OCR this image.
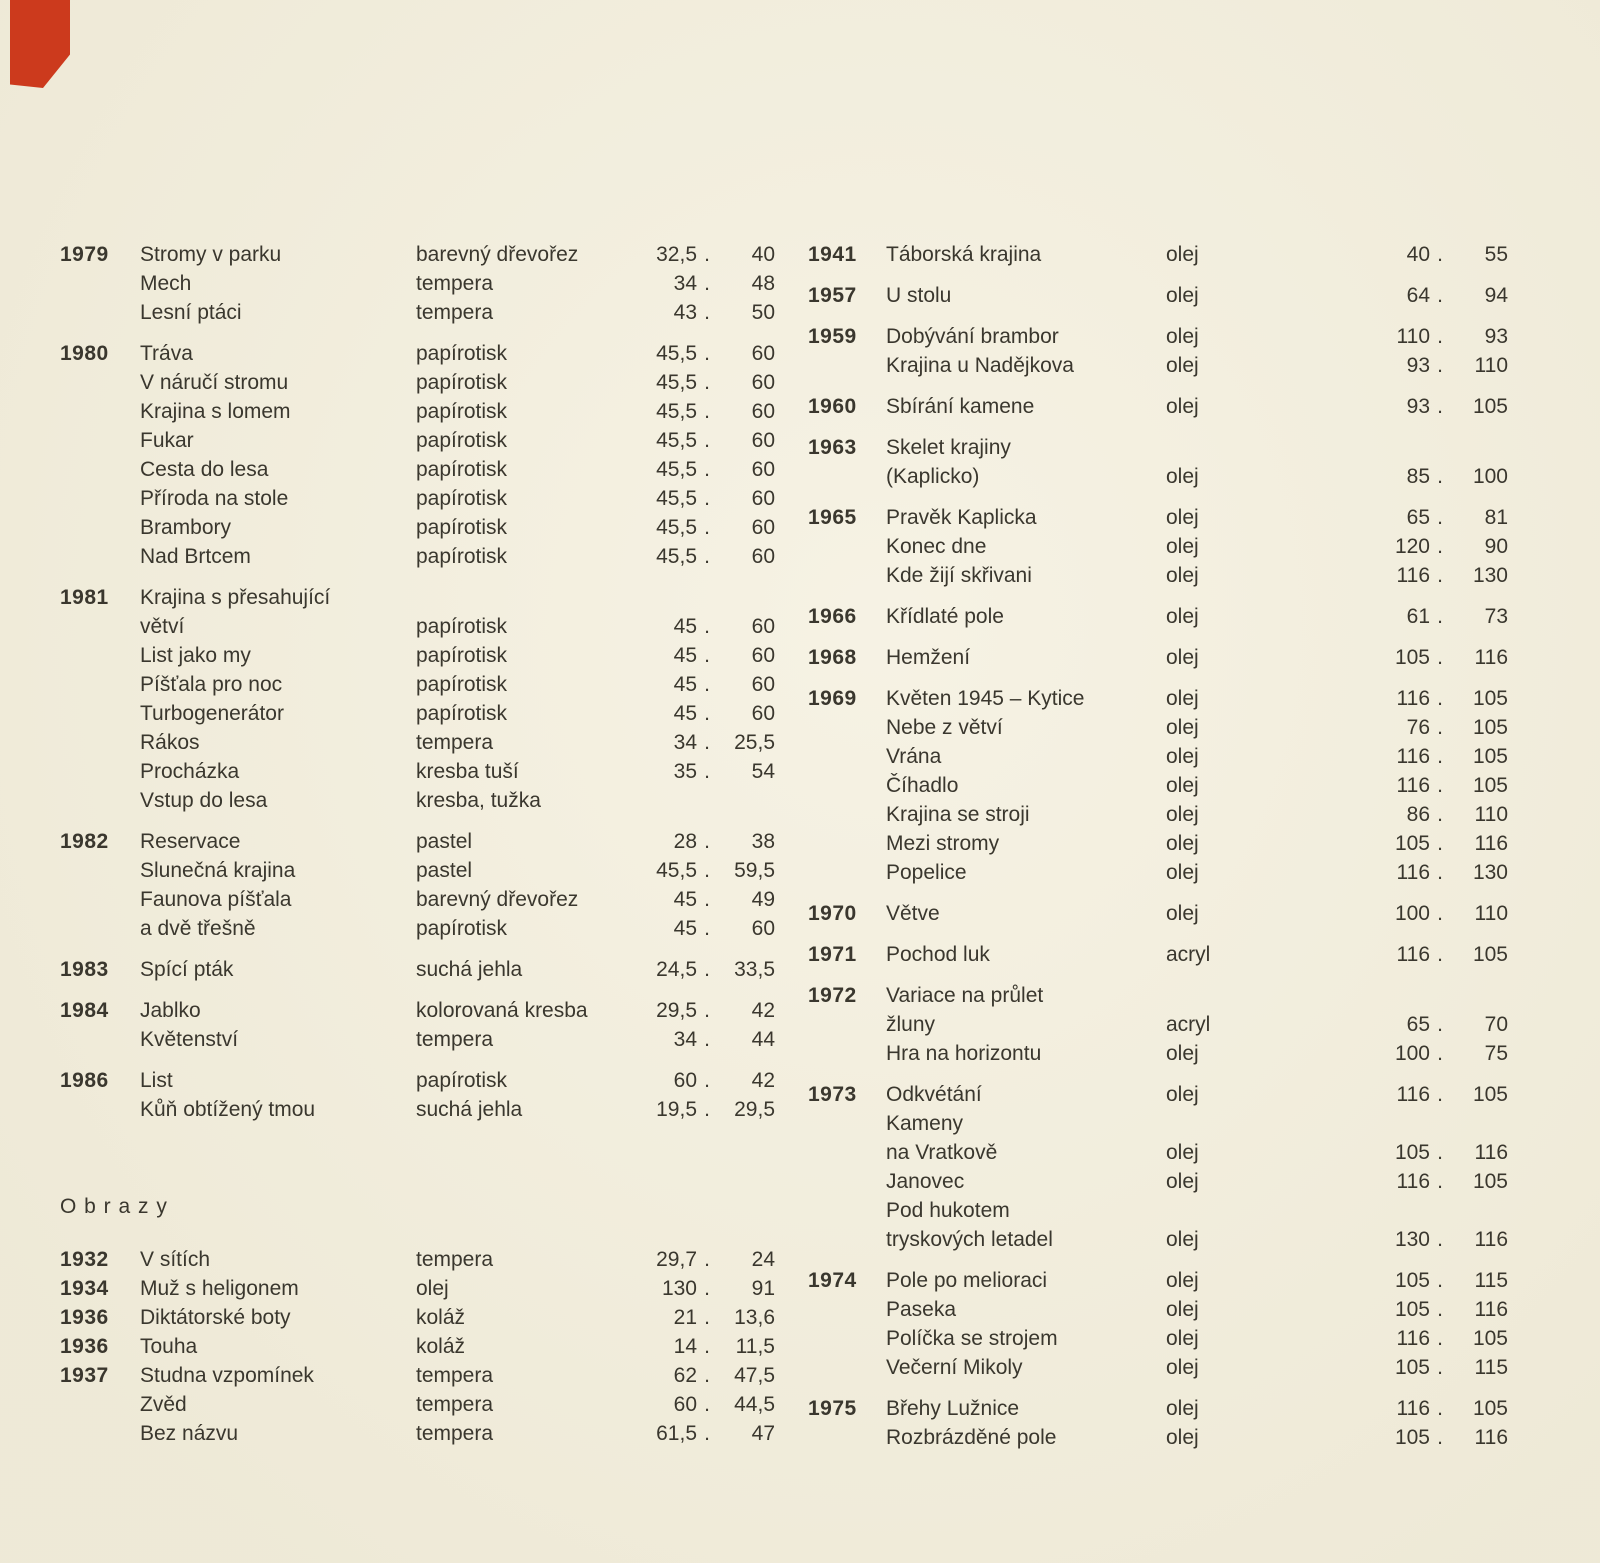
1979	Stromy v parku	barevný dřevořez	32,5 .	40
Mech	tempera	34 .	48
Lesní ptáci	tempera	43 .	50
1980	Tráva	papírotisk	45,5 .	60
V náručí stromu	papírotisk	45,5 .	60
Krajina s lomem	papírotisk	45,5 .	60
Fukar	papírotisk	45,5 .	60
Cesta do lesa	papírotisk	45,5 .	60
Příroda na stole	papírotisk	45,5 .	60
Brambory	papírotisk	45,5 .	60
Nad Brtcem	papírotisk	45,5 .	60
1981	Krajina s přesahující
větví	papírotisk	45 .	60
List jako my	papírotisk	45 .	60
Píšťala pro noc	papírotisk	45 .	60
Turbogenerátor	papírotisk	45 .	60
Rákos	tempera	34 .	25,5
Procházka	kresba tuší	35 .	54
Vstup do lesa	kresba, tužka
1982	Reservace	pastel	28 .	38
Slunečná krajina	pastel	45,5 .	59,5
Faunova píšťala	barevný dřevořez	45 .	49
a dvě třešně	papírotisk	45 .	60
1983	Spící pták	suchá jehla	24,5 .	33,5
1984	Jablko	kolorovaná kresba	29,5 .	42
Květenství	tempera	34 .	44
1986	List	papírotisk	60 .	42
Kůň obtížený tmou	suchá jehla	19,5 .	29,5
O b r a z y
1932	V sítích	tempera	29,7 .	24
1934	Muž s heligonem	olej	130 .	91
1936	Diktátorské boty	koláž	21 .	13,6
1936	Touha	koláž	14 .	11,5
1937	Studna vzpomínek	tempera	62 .	47,5
Zvěd	tempera	60 .	44,5
Bez názvu	tempera	61,5 .	47
1941	Táborská krajina	olej	40 .	55
1957	U stolu	olej	64 .	94
1959	Dobývání brambor	olej	110 .	93
Krajina u Nadějkova	olej	93 .	110
1960	Sbírání kamene	olej	93 .	105
1963	Skelet krajiny
(Kaplicko)	olej	85 .	100
1965	Pravěk Kaplicka	olej	65 .	81
Konec dne	olej	120 .	90
Kde žijí skřivani	olej	116 .	130
1966	Křídlaté pole	olej	61 .	73
1968	Hemžení	olej	105 .	116
1969	Květen 1945 – Kytice	olej	116 .	105
Nebe z větví	olej	76 .	105
Vrána	olej	116 .	105
Číhadlo	olej	116 .	105
Krajina se stroji	olej	86 .	110
Mezi stromy	olej	105 .	116
Popelice	olej	116 .	130
1970	Větve	olej	100 .	110
1971	Pochod luk	acryl	116 .	105
1972	Variace na průlet
žluny	acryl	65 .	70
Hra na horizontu	olej	100 .	75
1973	Odkvétání	olej	116 .	105
Kameny
na Vratkově	olej	105 .	116
Janovec	olej	116 .	105
Pod hukotem
tryskových letadel	olej	130 .	116
1974	Pole po melioraci	olej	105 .	115
Paseka	olej	105 .	116
Políčka se strojem	olej	116 .	105
Večerní Mikoly	olej	105 .	115
1975	Břehy Lužnice	olej	116 .	105
Rozbrázděné pole	olej	105 .	116
